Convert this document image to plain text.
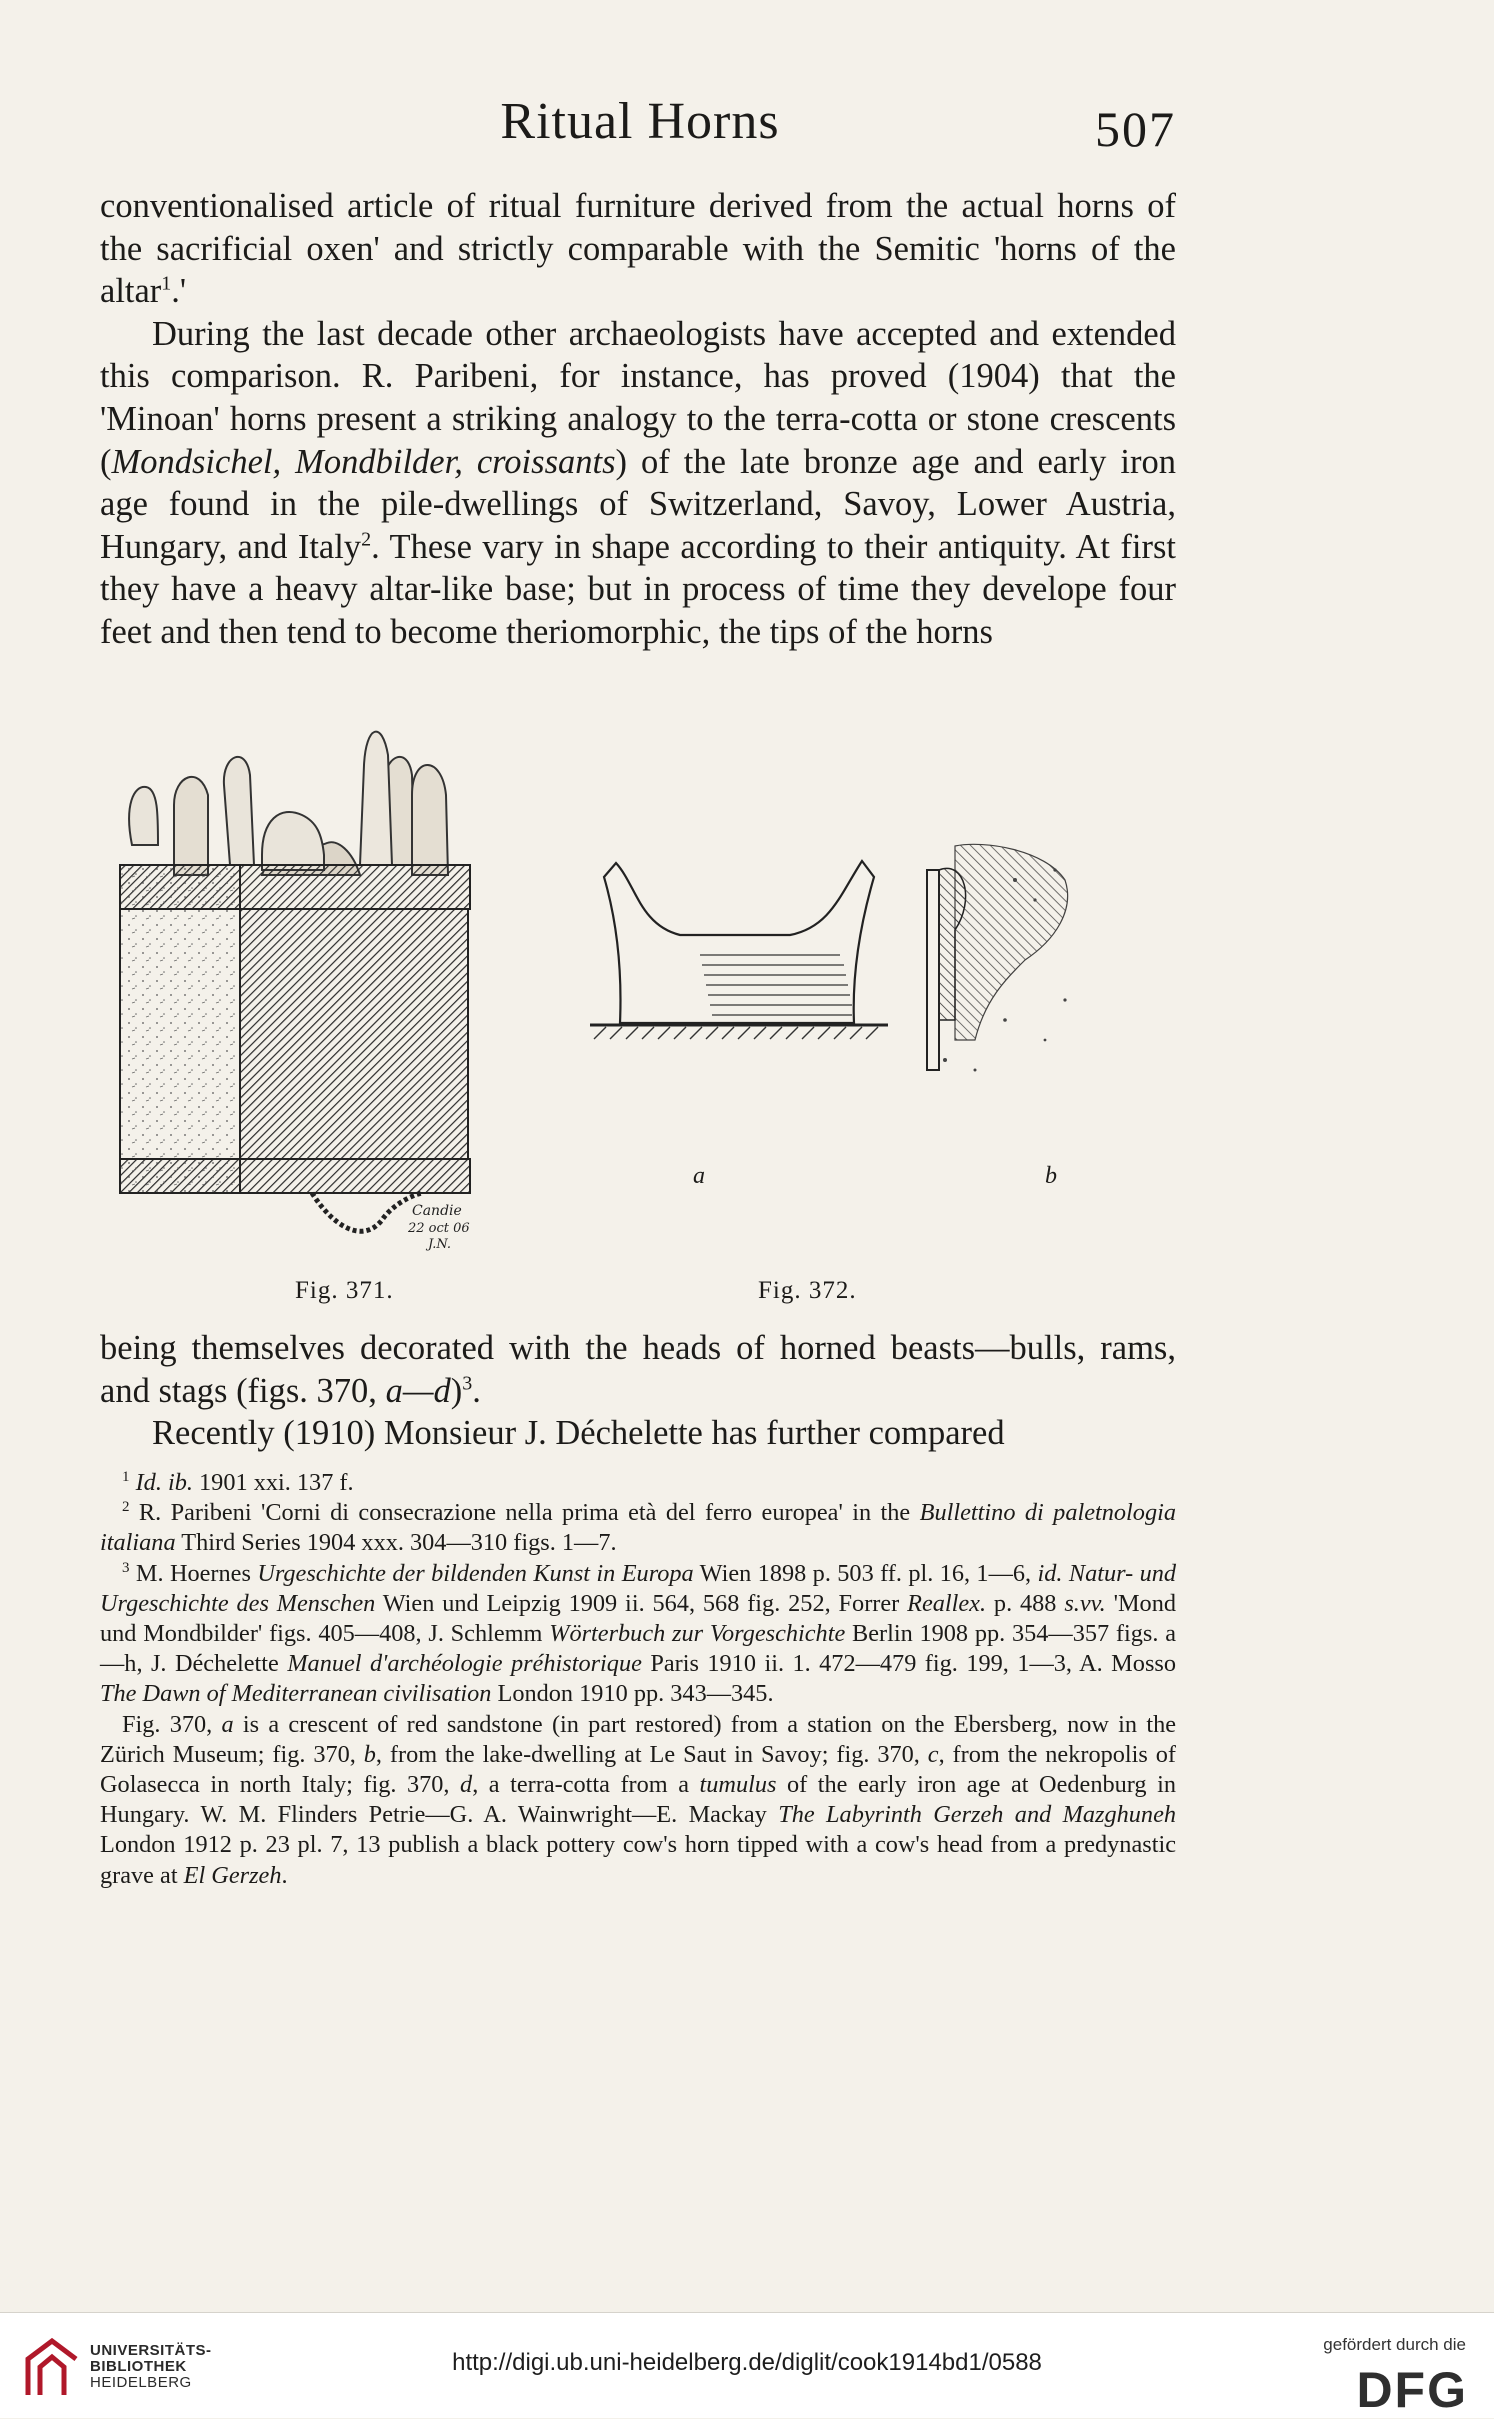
Ritual Horns	507

conventionalised article of ritual furniture derived from the actual horns of the sacrificial oxen' and strictly comparable with the Semitic 'horns of the altar$^1$.'

During the last decade other archaeologists have accepted and extended this comparison. R. Paribeni, for instance, has proved (1904) that the 'Minoan' horns present a striking analogy to the terra-cotta or stone crescents (Mondsichel, Mondbilder, croissants) of the late bronze age and early iron age found in the pile-dwellings of Switzerland, Savoy, Lower Austria, Hungary, and Italy$^2$. These vary in shape according to their antiquity. At first they have a heavy altar-like base; but in process of time they develope four feet and then tend to become theriomorphic, the tips of the horns

Candie
22 oct 06
J.N.
Fig. 371.	Fig. 372.
a	b

being themselves decorated with the heads of horned beasts—bulls, rams, and stags (figs. 370, a—d)$^3$.

Recently (1910) Monsieur J. Déchelette has further compared

$^1$ Id. ib. 1901 xxi. 137 f.

$^2$ R. Paribeni 'Corni di consecrazione nella prima età del ferro europea' in the Bullettino di paletnologia italiana Third Series 1904 xxx. 304—310 figs. 1—7.

$^3$ M. Hoernes Urgeschichte der bildenden Kunst in Europa Wien 1898 p. 503 ff. pl. 16, 1—6, id. Natur- und Urgeschichte des Menschen Wien und Leipzig 1909 ii. 564, 568 fig. 252, Forrer Reallex. p. 488 s.vv. 'Mond und Mondbilder' figs. 405—408, J. Schlemm Wörterbuch zur Vorgeschichte Berlin 1908 pp. 354—357 figs. a—h, J. Déchelette Manuel d'archéologie préhistorique Paris 1910 ii. 1. 472—479 fig. 199, 1—3, A. Mosso The Dawn of Mediterranean civilisation London 1910 pp. 343—345.

Fig. 370, a is a crescent of red sandstone (in part restored) from a station on the Ebersberg, now in the Zürich Museum; fig. 370, b, from the lake-dwelling at Le Saut in Savoy; fig. 370, c, from the nekropolis of Golasecca in north Italy; fig. 370, d, a terra-cotta from a tumulus of the early iron age at Oedenburg in Hungary. W. M. Flinders Petrie—G. A. Wainwright—E. Mackay The Labyrinth Gerzeh and Mazghuneh London 1912 p. 23 pl. 7, 13 publish a black pottery cow's horn tipped with a cow's head from a predynastic grave at El Gerzeh.

UNIVERSITÄTS-
BIBLIOTHEK
HEIDELBERG
http://digi.ub.uni-heidelberg.de/diglit/cook1914bd1/0588
gefördert durch die
DFG
